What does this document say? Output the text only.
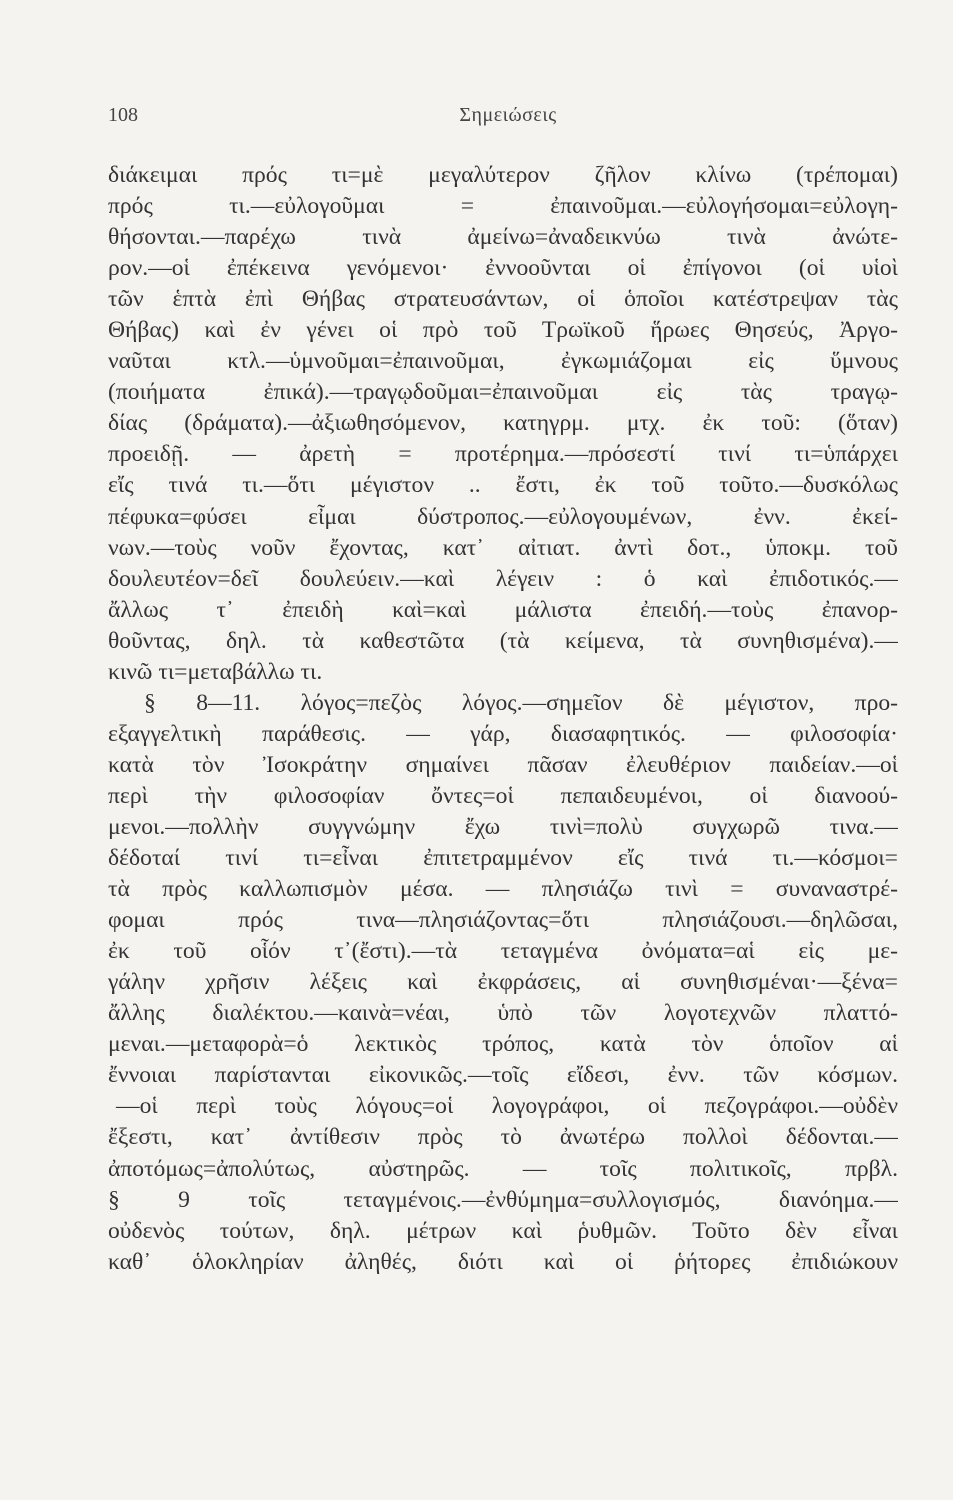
108	Σημειώσεις
διάκειμαι πρός τι=μὲ μεγαλύτερον ζῆλον κλίνω (τρέπομαι)
πρός τι.—εὐλογοῦμαι = ἐπαινοῦμαι.—εὐλογήσομαι=εὐλογη-
θήσονται.—παρέχω τινὰ ἀμείνω=ἀναδεικνύω τινὰ ἀνώτε-
ρον.—οἱ ἐπέκεινα γενόμενοι· ἐννοοῦνται οἱ ἐπίγονοι (οἱ υἱοὶ
τῶν ἑπτὰ ἐπὶ Θήβας στρατευσάντων, οἱ ὁποῖοι κατέστρεψαν τὰς
Θήβας) καὶ ἐν γένει οἱ πρὸ τοῦ Τρωϊκοῦ ἥρωες Θησεύς, Ἀργο-
ναῦται κτλ.—ὑμνοῦμαι=ἐπαινοῦμαι, ἐγκωμιάζομαι εἰς ὕμνους
(ποιήματα ἐπικά).—τραγῳδοῦμαι=ἐπαινοῦμαι εἰς τὰς τραγῳ-
δίας (δράματα).—ἀξιωθησόμενον, κατηγρμ. μτχ. ἐκ τοῦ: (ὅταν)
προειδῇ. — ἀρετὴ = προτέρημα.—πρόσεστί τινί τι=ὑπάρχει
εἴς τινά τι.—ὅτι μέγιστον .. ἔστι, ἐκ τοῦ τοῦτο.—δυσκόλως
πέφυκα=φύσει εἶμαι δύστροπος.—εὐλογουμένων, ἐνν. ἐκεί-
νων.—τοὺς νοῦν ἔχοντας, κατ᾽ αἰτιατ. ἀντὶ δοτ., ὑποκμ. τοῦ
δουλευτέον=δεῖ δουλεύειν.—καὶ λέγειν : ὁ καὶ ἐπιδοτικός.—
ἄλλως τ᾽ ἐπειδὴ καὶ=καὶ μάλιστα ἐπειδή.—τοὺς ἐπανορ-
θοῦντας, δηλ. τὰ καθεστῶτα (τὰ κείμενα, τὰ συνηθισμένα).—
κινῶ τι=μεταβάλλω τι.
§ 8—11. λόγος=πεζὸς λόγος.—σημεῖον δὲ μέγιστον, προ-
εξαγγελτικὴ παράθεσις. — γάρ, διασαφητικός. — φιλοσοφία·
κατὰ τὸν Ἰσοκράτην σημαίνει πᾶσαν ἐλευθέριον παιδείαν.—οἱ
περὶ τὴν φιλοσοφίαν ὄντες=οἱ πεπαιδευμένοι, οἱ διανοού-
μενοι.—πολλὴν συγγνώμην ἔχω τινὶ=πολὺ συγχωρῶ τινα.—
δέδοταί τινί τι=εἶναι ἐπιτετραμμένον εἴς τινά τι.—κόσμοι=
τὰ πρὸς καλλωπισμὸν μέσα. — πλησιάζω τινὶ = συναναστρέ-
φομαι πρός τινα—πλησιάζοντας=ὅτι πλησιάζουσι.—δηλῶσαι,
ἐκ τοῦ οἷόν τ᾽(ἔστι).—τὰ τεταγμένα ὀνόματα=αἱ εἰς με-
γάλην χρῆσιν λέξεις καὶ ἐκφράσεις, αἱ συνηθισμέναι·—ξένα=
ἄλλης διαλέκτου.—καινὰ=νέαι, ὑπὸ τῶν λογοτεχνῶν πλαττό-
μεναι.—μεταφορὰ=ὁ λεκτικὸς τρόπος, κατὰ τὸν ὁποῖον αἱ
ἔννοιαι παρίστανται εἰκονικῶς.—τοῖς εἴδεσι, ἐνν. τῶν κόσμων.
—οἱ περὶ τοὺς λόγους=οἱ λογογράφοι, οἱ πεζογράφοι.—οὐδὲν
ἔξεστι, κατ᾽ ἀντίθεσιν πρὸς τὸ ἀνωτέρω πολλοὶ δέδονται.—
ἀποτόμως=ἀπολύτως, αὐστηρῶς. — τοῖς πολιτικοῖς, πρβλ.
§ 9 τοῖς τεταγμένοις.—ἐνθύμημα=συλλογισμός, διανόημα.—
οὐδενὸς τούτων, δηλ. μέτρων καὶ ῥυθμῶν. Τοῦτο δὲν εἶναι
καθ᾽ ὁλοκληρίαν ἀληθές, διότι καὶ οἱ ῥήτορες ἐπιδιώκουν
